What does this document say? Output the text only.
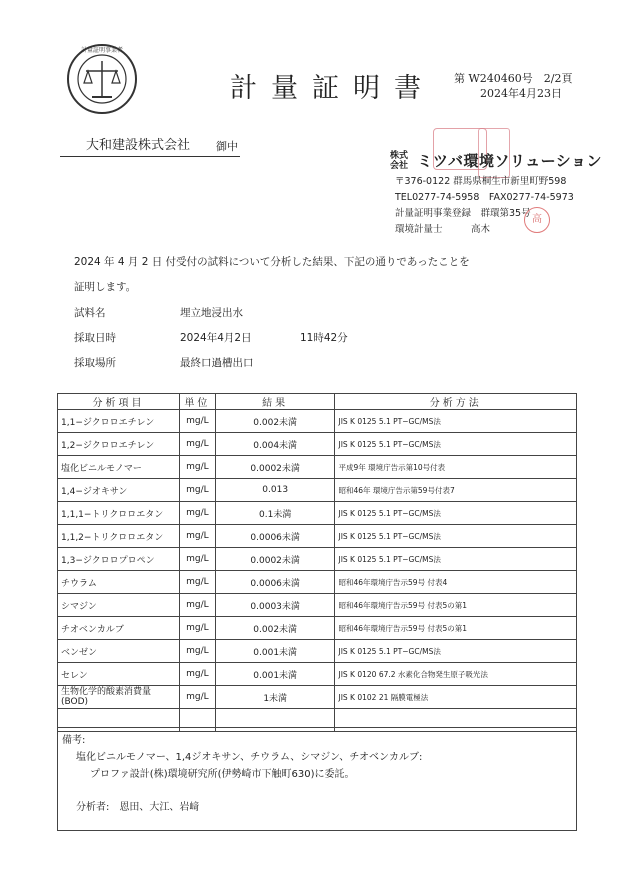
計量証明事業者
計量証明書 第 W240460号　2/2頁
2024年4月23日
大和建設株式会社	御中
株式会社 ミツバ環境ソリューション
〒376-0122 群馬県桐生市新里町野598
TEL0277-74-5958　FAX0277-74-5973
計量証明事業登録　群環第35号
環境計量士　　　高木
高
2024 年 4 月 2 日 付受付の試料について分析した結果、下記の通りであったことを
証明します。
試料名	埋立地浸出水
採取日時	2024年4月2日	11時42分
採取場所	最終口過槽出口
分析項目	単位	結果	分析方法
1,1−ジクロロエチレン	mg/L	0.002未満	JIS K 0125 5.1 PT−GC/MS法
1,2−ジクロロエチレン	mg/L	0.004未満	JIS K 0125 5.1 PT−GC/MS法
塩化ビニルモノマー	mg/L	0.0002未満	平成9年 環境庁告示第10号付表
1,4−ジオキサン	mg/L	0.013	昭和46年 環境庁告示第59号付表7
1,1,1−トリクロロエタン	mg/L	0.1未満	JIS K 0125 5.1 PT−GC/MS法
1,1,2−トリクロロエタン	mg/L	0.0006未満	JIS K 0125 5.1 PT−GC/MS法
1,3−ジクロロプロペン	mg/L	0.0002未満	JIS K 0125 5.1 PT−GC/MS法
チウラム	mg/L	0.0006未満	昭和46年環境庁告示59号 付表4
シマジン	mg/L	0.0003未満	昭和46年環境庁告示59号 付表5の第1
チオベンカルブ	mg/L	0.002未満	昭和46年環境庁告示59号 付表5の第1
ベンゼン	mg/L	0.001未満	JIS K 0125 5.1 PT−GC/MS法
セレン	mg/L	0.001未満	JIS K 0120 67.2 水素化合物発生原子吸光法
生物化学的酸素消費量(BOD)	mg/L	1未満	JIS K 0102 21 隔膜電極法

備考:
塩化ビニルモノマー、1,4ジオキサン、チウラム、シマジン、チオベンカルブ:
プロファ設計(株)環境研究所(伊勢崎市下触町630)に委託。
分析者:　恩田、大江、岩﨑
